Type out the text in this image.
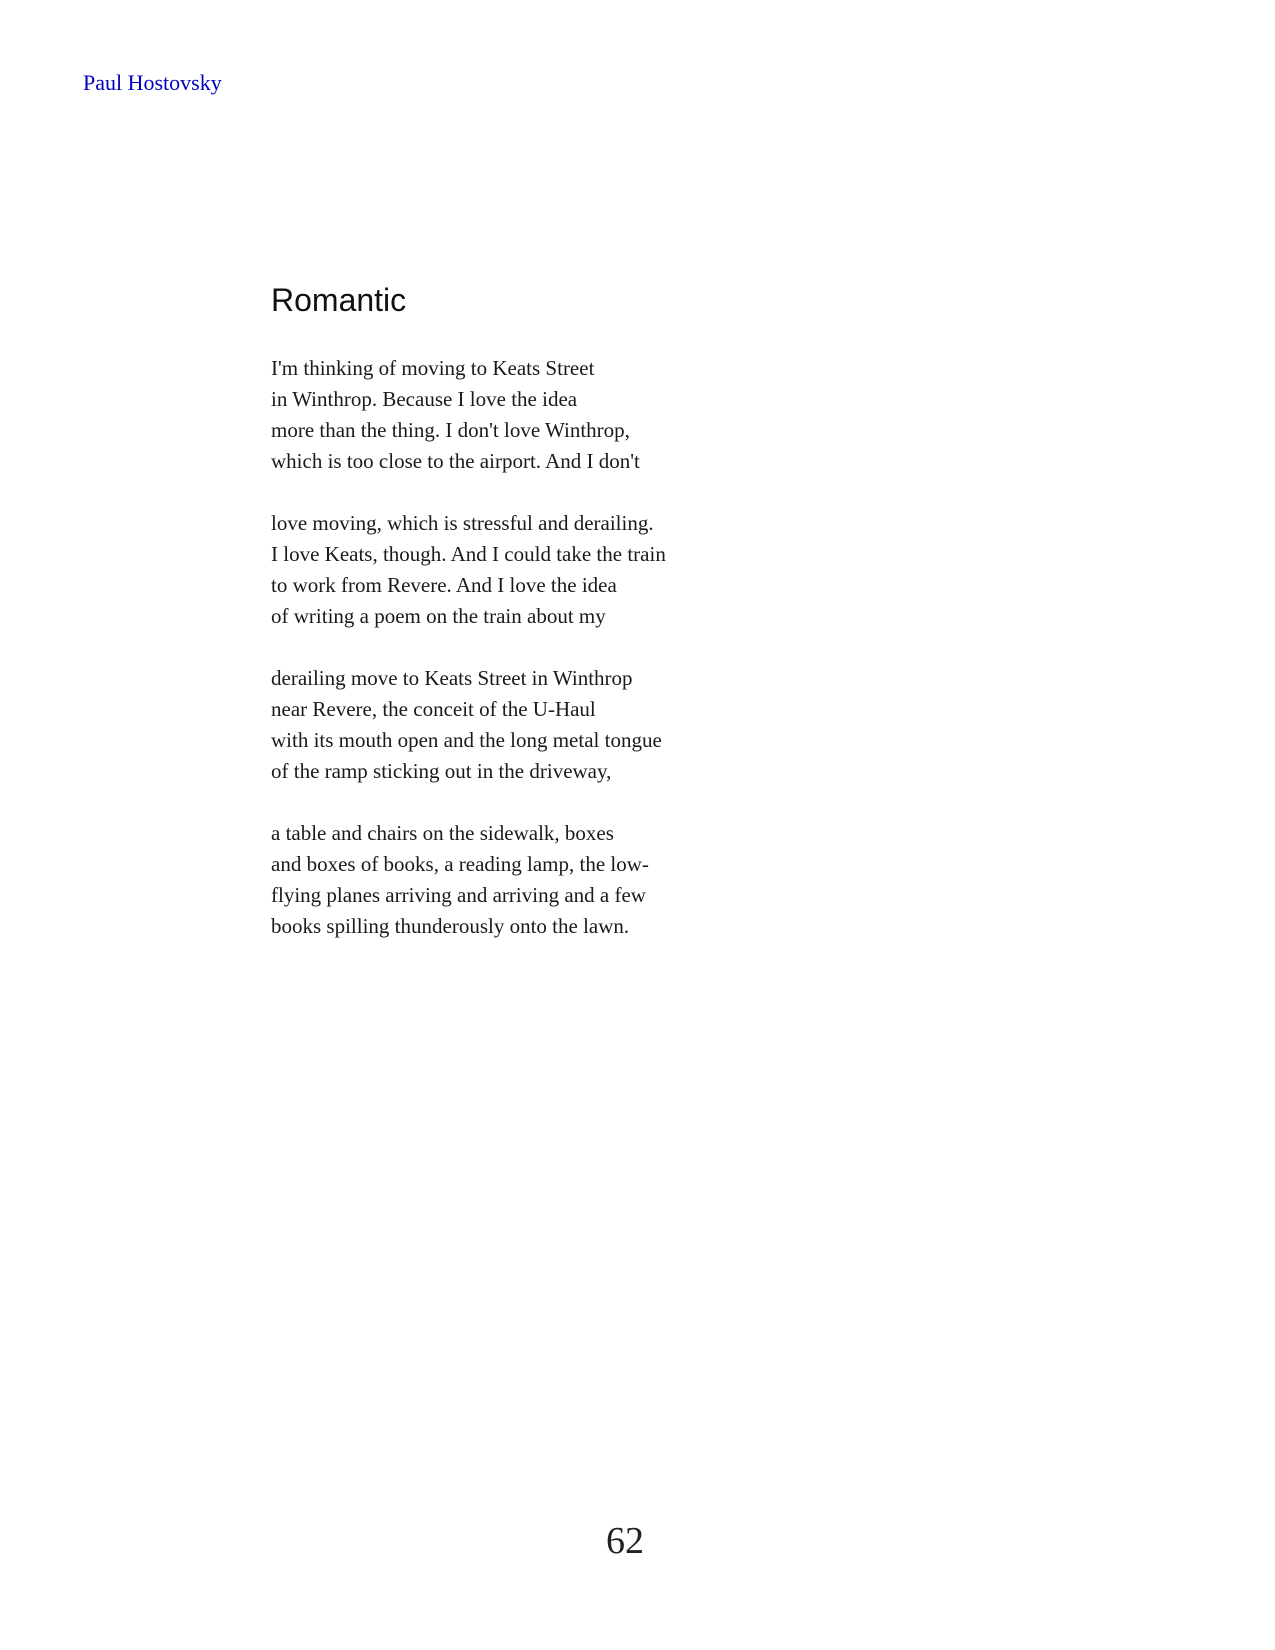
Paul Hostovsky
Romantic
I'm thinking of moving to Keats Street
in Winthrop. Because I love the idea
more than the thing. I don't love Winthrop,
which is too close to the airport. And I don't
love moving, which is stressful and derailing.
I love Keats, though. And I could take the train
to work from Revere. And I love the idea
of writing a poem on the train about my
derailing move to Keats Street in Winthrop
near Revere, the conceit of the U-Haul
with its mouth open and the long metal tongue
of the ramp sticking out in the driveway,
a table and chairs on the sidewalk, boxes
and boxes of books, a reading lamp, the low-
flying planes arriving and arriving and a few
books spilling thunderously onto the lawn.
62
